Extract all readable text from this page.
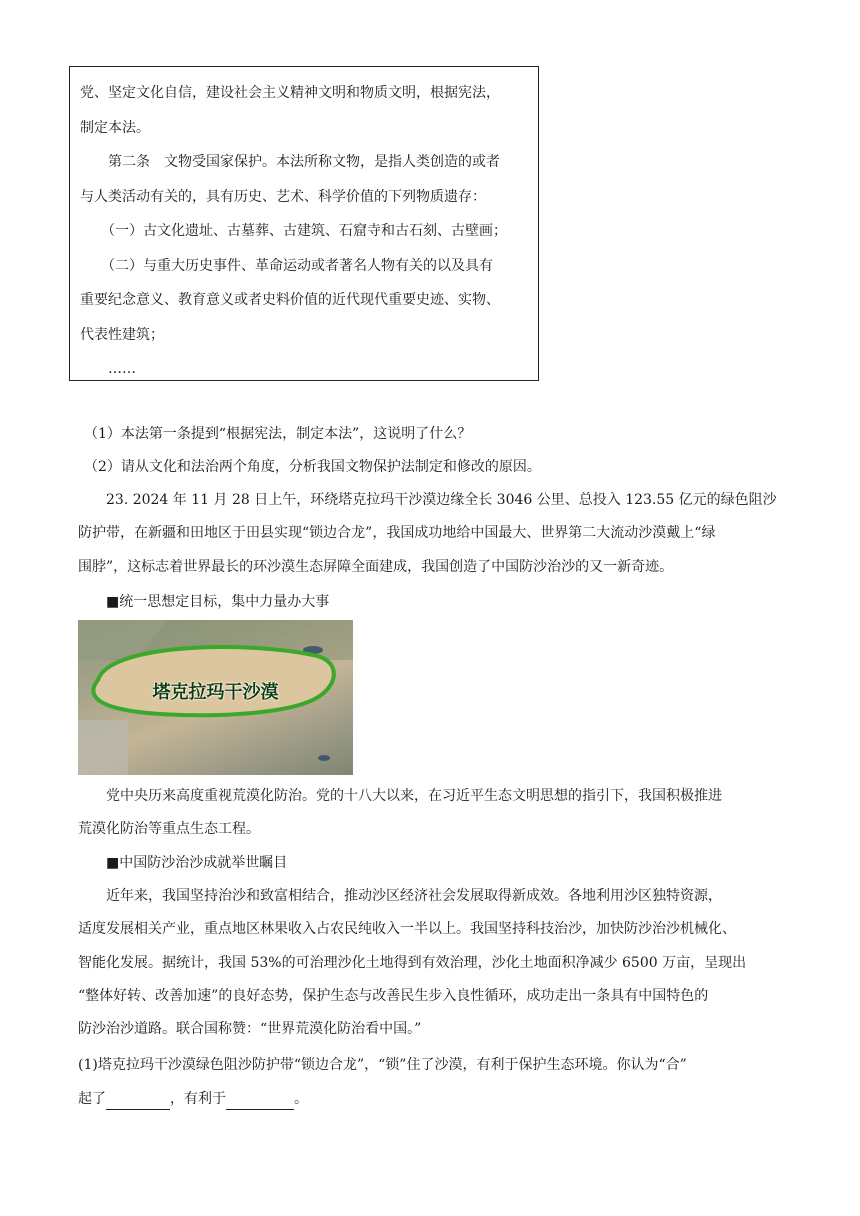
党、坚定文化自信，建设社会主义精神文明和物质文明，根据宪法，

制定本法。

　　第二条　文物受国家保护。本法所称文物，是指人类创造的或者

与人类活动有关的，具有历史、艺术、科学价值的下列物质遗存：

　　（一）古文化遗址、古墓葬、古建筑、石窟寺和古石刻、古壁画；

　　（二）与重大历史事件、革命运动或者著名人物有关的以及具有

重要纪念意义、教育意义或者史料价值的近代现代重要史迹、实物、

代表性建筑；

　　……

（1）本法第一条提到“根据宪法，制定本法”，这说明了什么？
（2）请从文化和法治两个角度，分析我国文物保护法制定和修改的原因。
23. 2024 年 11 月 28 日上午，环绕塔克拉玛干沙漠边缘全长 3046 公里、总投入 123.55 亿元的绿色阻沙
防护带，在新疆和田地区于田县实现“锁边合龙”，我国成功地给中国最大、世界第二大流动沙漠戴上“绿
围脖”，这标志着世界最长的环沙漠生态屏障全面建成，我国创造了中国防沙治沙的又一新奇迹。
■统一思想定目标，集中力量办大事
塔克拉玛干沙漠
党中央历来高度重视荒漠化防治。党的十八大以来，在习近平生态文明思想的指引下，我国积极推进
荒漠化防治等重点生态工程。
■中国防沙治沙成就举世瞩目
近年来，我国坚持治沙和致富相结合，推动沙区经济社会发展取得新成效。各地利用沙区独特资源，
适度发展相关产业，重点地区林果收入占农民纯收入一半以上。我国坚持科技治沙，加快防沙治沙机械化、
智能化发展。据统计，我国 53%的可治理沙化土地得到有效治理，沙化土地面积净减少 6500 万亩，呈现出
“整体好转、改善加速”的良好态势，保护生态与改善民生步入良性循环，成功走出一条具有中国特色的
防沙治沙道路。联合国称赞：“世界荒漠化防治看中国。”
(1)塔克拉玛干沙漠绿色阻沙防护带“锁边合龙”，“锁”住了沙漠，有利于保护生态环境。你认为“合”
起了	，有利于	。
